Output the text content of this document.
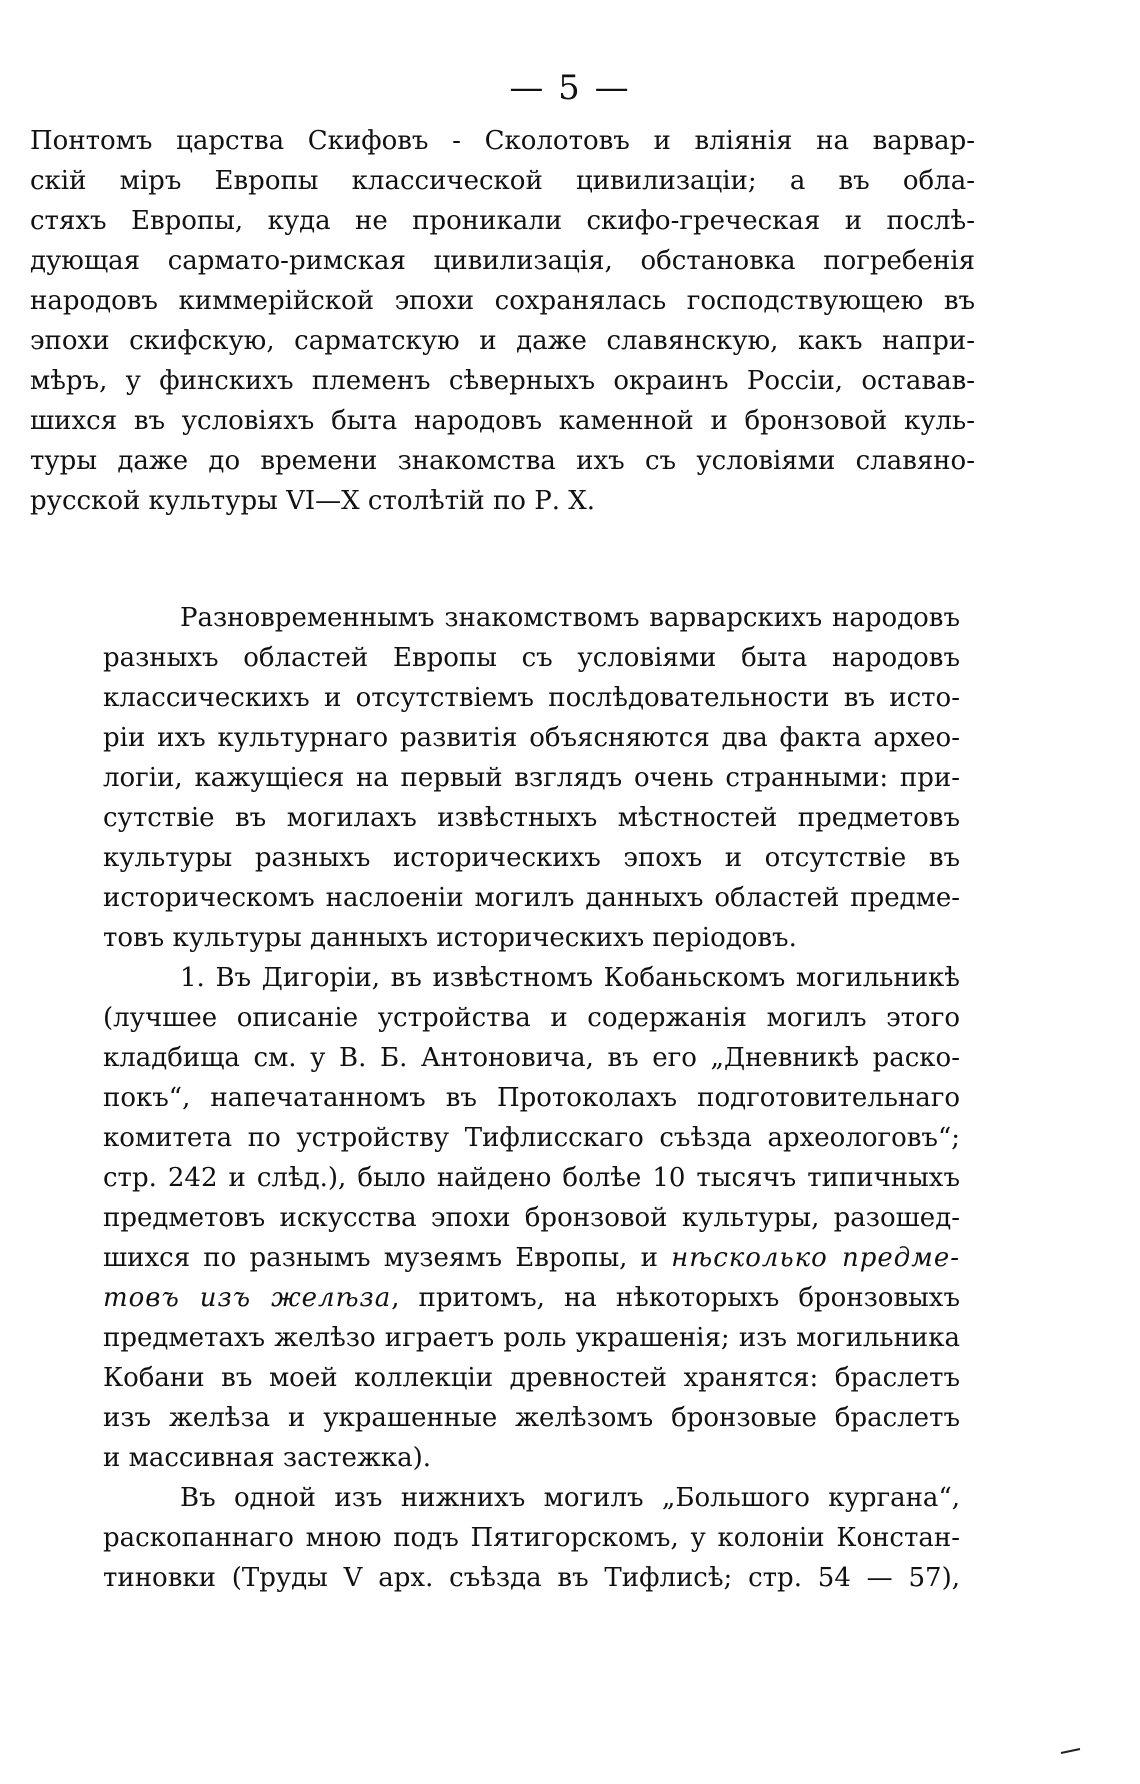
— 5 —
Понтомъ царства Скифовъ - Сколотовъ и вліянія на варвар-
скій міръ Европы классической цивилизаціи; а въ обла-
стяхъ Европы, куда не проникали скифо-греческая и послѣ-
дующая сармато-римская цивилизація, обстановка погребенія
народовъ киммерійской эпохи сохранялась господствующею въ
эпохи скифскую, сарматскую и даже славянскую, какъ напри-
мѣръ, у финскихъ племенъ сѣверныхъ окраинъ Россіи, оставав-
шихся въ условіяхъ быта народовъ каменной и бронзовой куль-
туры даже до времени знакомства ихъ съ условіями славяно-
русской культуры VI—X столѣтій по Р. Х.
Разновременнымъ знакомствомъ варварскихъ народовъ
разныхъ областей Европы съ условіями быта народовъ
классическихъ и отсутствіемъ послѣдовательности въ исто-
ріи ихъ культурнаго развитія объясняются два факта архео-
логіи, кажущіеся на первый взглядъ очень странными: при-
сутствіе въ могилахъ извѣстныхъ мѣстностей предметовъ
культуры разныхъ историческихъ эпохъ и отсутствіе въ
историческомъ наслоеніи могилъ данныхъ областей предме-
товъ культуры данныхъ историческихъ періодовъ.
1. Въ Дигоріи, въ извѣстномъ Кобаньскомъ могильникѣ
(лучшее описаніе устройства и содержанія могилъ этого
кладбища см. у В. Б. Антоновича, въ его „Дневникѣ раско-
покъ“, напечатанномъ въ Протоколахъ подготовительнаго
комитета по устройству Тифлисскаго съѣзда археологовъ“;
стр. 242 и слѣд.), было найдено болѣе 10 тысячъ типичныхъ
предметовъ искусства эпохи бронзовой культуры, разошед-
шихся по разнымъ музеямъ Европы, и нѣсколько предме-
товъ изъ желѣза, притомъ, на нѣкоторыхъ бронзовыхъ
предметахъ желѣзо играетъ роль украшенія; изъ могильника
Кобани въ моей коллекціи древностей хранятся: браслетъ
изъ желѣза и украшенные желѣзомъ бронзовые браслетъ
и массивная застежка).
Въ одной изъ нижнихъ могилъ „Большого кургана“,
раскопаннаго мною подъ Пятигорскомъ, у колоніи Констан-
тиновки (Труды V арх. съѣзда въ Тифлисѣ; стр. 54 — 57),
